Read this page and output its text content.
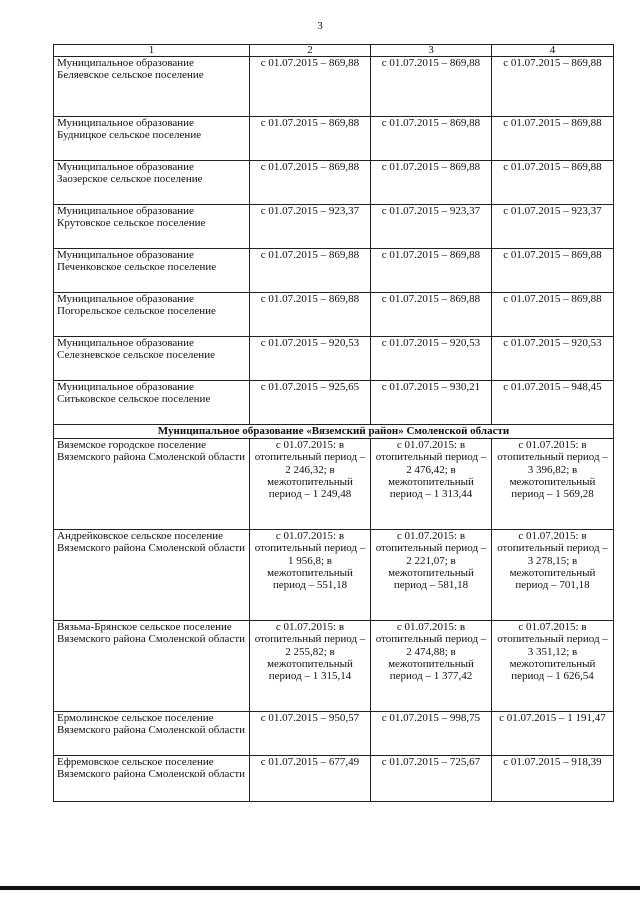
3
1	2	3	4
Муниципальное образование Беляевское сельское поселение	с 01.07.2015 – 869,88	с 01.07.2015 – 869,88	с 01.07.2015 – 869,88
Муниципальное образование Будницкое сельское поселение	с 01.07.2015 – 869,88	с 01.07.2015 – 869,88	с 01.07.2015 – 869,88
Муниципальное образование Заозерское сельское поселение	с 01.07.2015 – 869,88	с 01.07.2015 – 869,88	с 01.07.2015 – 869,88
Муниципальное образование Крутовское сельское поселение	с 01.07.2015 – 923,37	с 01.07.2015 – 923,37	с 01.07.2015 – 923,37
Муниципальное образование Печенковское сельское поселение	с 01.07.2015 – 869,88	с 01.07.2015 – 869,88	с 01.07.2015 – 869,88
Муниципальное образование Погорельское сельское поселение	с 01.07.2015 – 869,88	с 01.07.2015 – 869,88	с 01.07.2015 – 869,88
Муниципальное образование Селезневское сельское поселение	с 01.07.2015 – 920,53	с 01.07.2015 – 920,53	с 01.07.2015 – 920,53
Муниципальное образование Ситьковское сельское поселение	с 01.07.2015 – 925,65	с 01.07.2015 – 930,21	с 01.07.2015 – 948,45
Муниципальное образование «Вяземский район» Смоленской области			
Вяземское городское поселение Вяземского района Смоленской области	с 01.07.2015: в отопительный период – 2 246,32; в межотопительный период – 1 249,48	с 01.07.2015: в отопительный период – 2 476,42; в межотопительный период – 1 313,44	с 01.07.2015: в отопительный период – 3 396,82; в межотопительный период – 1 569,28
Андрейковское сельское поселение Вяземского района Смоленской области	с 01.07.2015: в отопительный период – 1 956,8; в межотопительный период – 551,18	с 01.07.2015: в отопительный период – 2 221,07; в межотопительный период – 581,18	с 01.07.2015: в отопительный период – 3 278,15; в межотопительный период – 701,18
Вязьма-Брянское сельское поселение Вяземского района Смоленской области	с 01.07.2015: в отопительный период – 2 255,82; в межотопительный период – 1 315,14	с 01.07.2015: в отопительный период – 2 474,88; в межотопительный период – 1 377,42	с 01.07.2015: в отопительный период – 3 351,12; в межотопительный период – 1 626,54
Ермолинское сельское поселение Вяземского района Смоленской области	с 01.07.2015 – 950,57	с 01.07.2015 – 998,75	с 01.07.2015 – 1 191,47
Ефремовское сельское поселение Вяземского района Смоленской области	с 01.07.2015 – 677,49	с 01.07.2015 – 725,67	с 01.07.2015 – 918,39
